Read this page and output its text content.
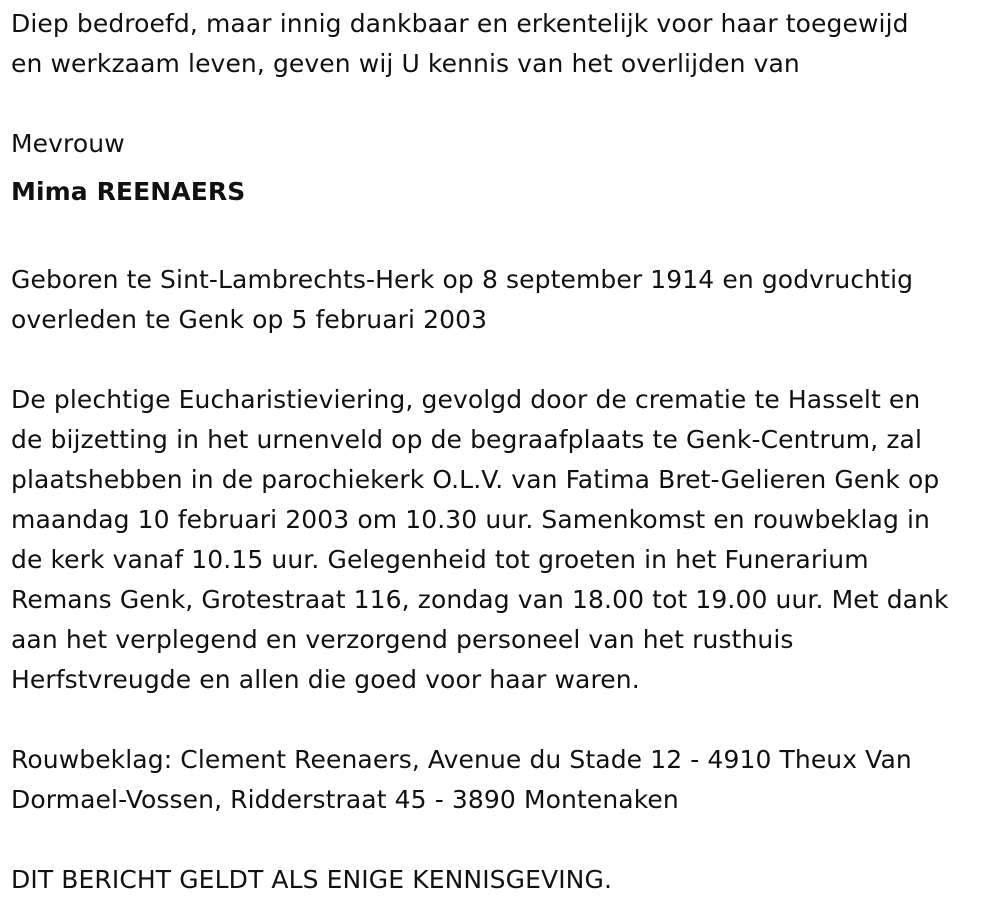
Diep bedroefd, maar innig dankbaar en erkentelijk voor haar toegewijd
en werkzaam leven, geven wij U kennis van het overlijden van

Mevrouw

Mima REENAERS

Geboren te Sint-Lambrechts-Herk op 8 september 1914 en godvruchtig
overleden te Genk op 5 februari 2003

De plechtige Eucharistieviering, gevolgd door de crematie te Hasselt en
de bijzetting in het urnenveld op de begraafplaats te Genk-Centrum, zal
plaatshebben in de parochiekerk O.L.V. van Fatima Bret-Gelieren Genk op
maandag 10 februari 2003 om 10.30 uur. Samenkomst en rouwbeklag in
de kerk vanaf 10.15 uur. Gelegenheid tot groeten in het Funerarium
Remans Genk, Grotestraat 116, zondag van 18.00 tot 19.00 uur. Met dank
aan het verplegend en verzorgend personeel van het rusthuis
Herfstvreugde en allen die goed voor haar waren.

Rouwbeklag: Clement Reenaers, Avenue du Stade 12 - 4910 Theux Van
Dormael-Vossen, Ridderstraat 45 - 3890 Montenaken

DIT BERICHT GELDT ALS ENIGE KENNISGEVING.
